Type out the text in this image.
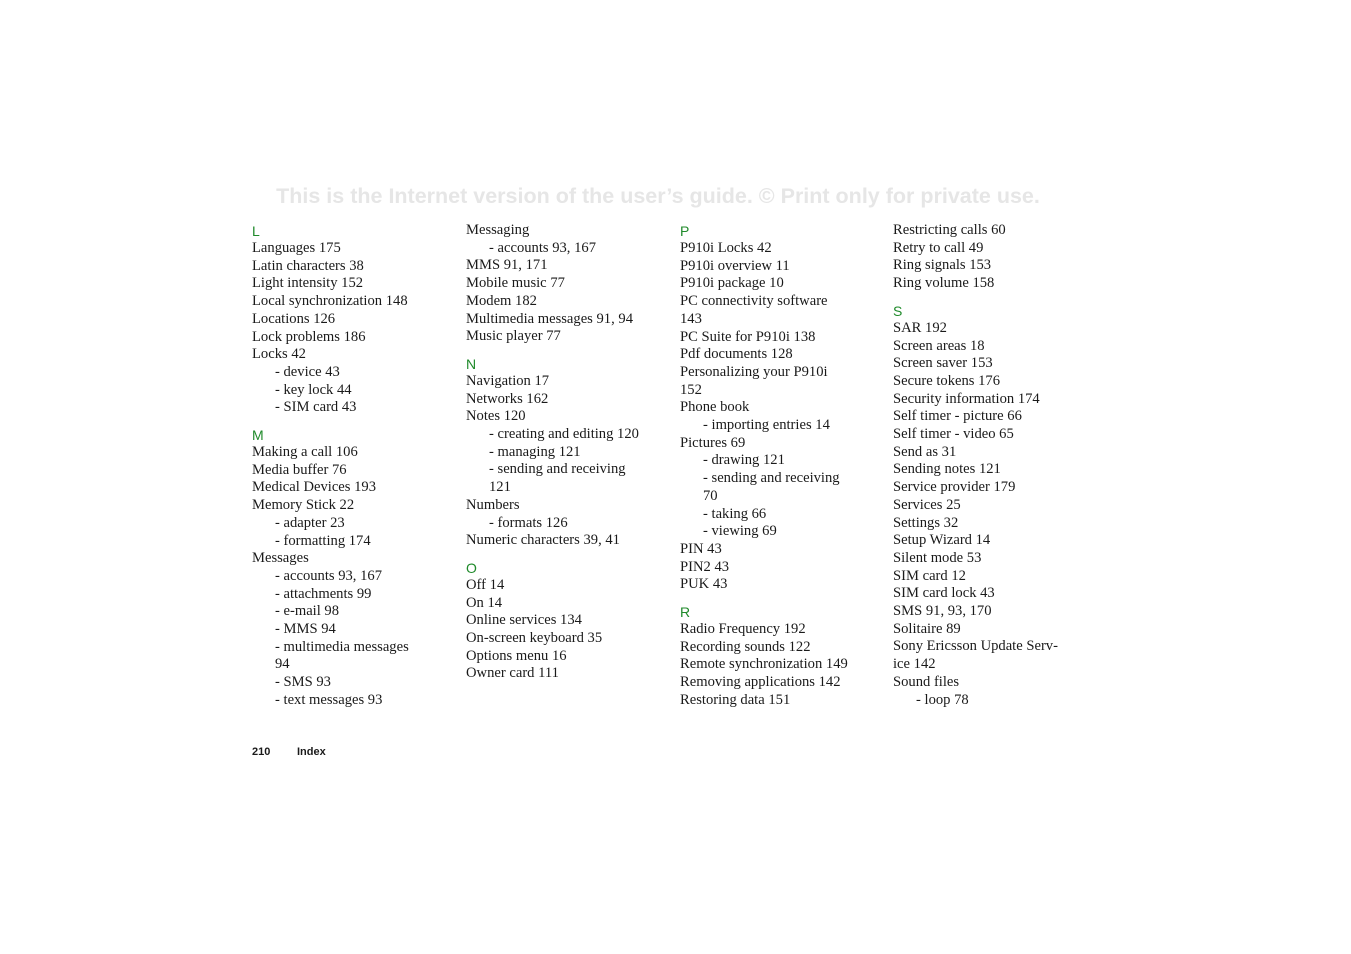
This is the Internet version of the user’s guide. © Print only for private use.
L
Languages 175
Latin characters 38
Light intensity 152
Local synchronization 148
Locations 126
Lock problems 186
Locks 42
- device 43
- key lock 44
- SIM card 43
M
Making a call 106
Media buffer 76
Medical Devices 193
Memory Stick 22
- adapter 23
- formatting 174
Messages
- accounts 93, 167
- attachments 99
- e-mail 98
- MMS 94
- multimedia messages
94
- SMS 93
- text messages 93
Messaging
- accounts 93, 167
MMS 91, 171
Mobile music 77
Modem 182
Multimedia messages 91, 94
Music player 77
N
Navigation 17
Networks 162
Notes 120
- creating and editing 120
- managing 121
- sending and receiving
121
Numbers
- formats 126
Numeric characters 39, 41
O
Off 14
On 14
Online services 134
On-screen keyboard 35
Options menu 16
Owner card 111
P
P910i Locks 42
P910i overview 11
P910i package 10
PC connectivity software
143
PC Suite for P910i 138
Pdf documents 128
Personalizing your P910i
152
Phone book
- importing entries 14
Pictures 69
- drawing 121
- sending and receiving
70
- taking 66
- viewing 69
PIN 43
PIN2 43
PUK 43
R
Radio Frequency 192
Recording sounds 122
Remote synchronization 149
Removing applications 142
Restoring data 151
Restricting calls 60
Retry to call 49
Ring signals 153
Ring volume 158
S
SAR 192
Screen areas 18
Screen saver 153
Secure tokens 176
Security information 174
Self timer - picture 66
Self timer - video 65
Send as 31
Sending notes 121
Service provider 179
Services 25
Settings 32
Setup Wizard 14
Silent mode 53
SIM card 12
SIM card lock 43
SMS 91, 93, 170
Solitaire 89
Sony Ericsson Update Serv-
ice 142
Sound files
- loop 78
210 Index
